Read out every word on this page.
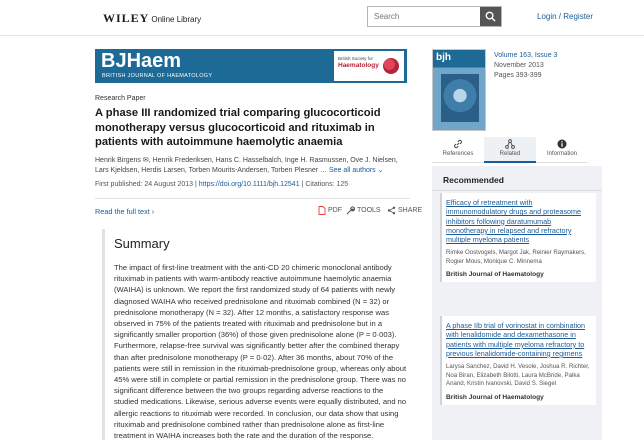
WILEY Online Library
Search	Login / Register
BJHaem
BRITISH JOURNAL OF HAEMATOLOGY
British Society for
Haematology
Research Paper
A phase III randomized trial comparing glucocorticoid monotherapy versus glucocorticoid and rituximab in patients with autoimmune haemolytic anaemia
Henrik Birgens ✉, Henrik Frederiksen, Hans C. Hasselbalch, Inge H. Rasmussen, Ove J. Nielsen, Lars Kjeldsen, Herdis Larsen, Torben Mourits-Andersen, Torben Plesner … See all authors ⌄
First published: 24 August 2013 | https://doi.org/10.1111/bjh.12541 | Citations: 125
Read the full text ›	PDF TOOLS SHARE
Summary

The impact of first-line treatment with the anti-CD 20 chimeric monoclonal antibody rituximab in patients with warm-antibody reactive autoimmune haemolytic anaemia (WAIHA) is unknown. We report the first randomized study of 64 patients with newly diagnosed WAIHA who received prednisolone and rituximab combined (N = 32) or prednisolone monotherapy (N = 32). After 12 months, a satisfactory response was observed in 75% of the patients treated with rituximab and prednisolone but in a significantly smaller proportion (36%) of those given prednisolone alone (P = 0·003). Furthermore, relapse-free survival was significantly better after the combined therapy than after prednisolone monotherapy (P = 0·02). After 36 months, about 70% of the patients were still in remission in the rituximab-prednisolone group, whereas only about 45% were still in complete or partial remission in the prednisolone group. There was no significant difference between the two groups regarding adverse reactions to the studied medications. Likewise, serious adverse events were equally distributed, and no allergic reactions to rituximab were recorded. In conclusion, our data show that using rituximab and prednisolone combined rather than prednisolone alone as first-line treatment in WAIHA increases both the rate and the duration of the response.

bjh	Volume 163, Issue 3
November 2013
Pages 393-399
References	Related	Information
Recommended
Efficacy of retreatment with immunomodulatory drugs and proteasome inhibitors following daratumumab monotherapy in relapsed and refractory multiple myeloma patients
Rimke Oostvogels, Margot Jak, Reinier Raymakers, Rogier Mous, Monique C. Minnema
British Journal of Haematology
A phase IIb trial of vorinostat in combination with lenalidomide and dexamethasone in patients with multiple myeloma refractory to previous lenalidomide-containing regimens
Larysa Sanchez, David H. Vesole, Joshua R. Richter, Noa Biran, Elizabeth Bilotti, Laura McBride, Palka Anand, Kristin Ivanovski, David S. Siegel
British Journal of Haematology
